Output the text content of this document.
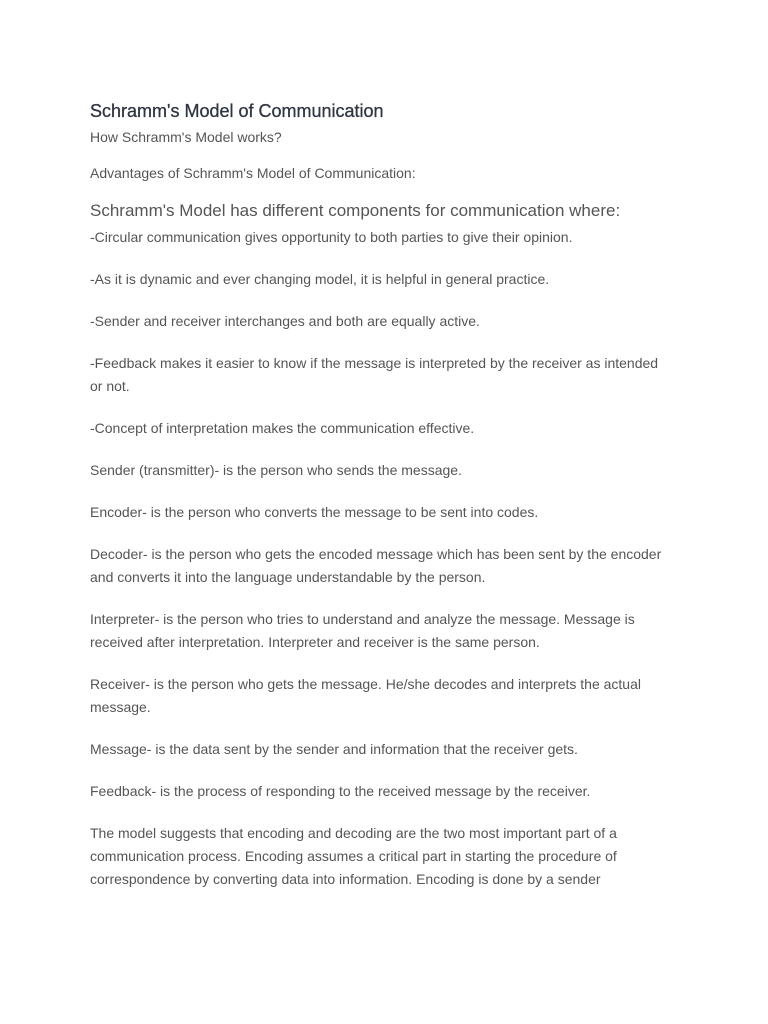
Schramm's Model of Communication
How Schramm's Model works?
Advantages of Schramm's Model of Communication:
Schramm's Model has different components for communication where:

-Circular communication gives opportunity to both parties to give their opinion.

-As it is dynamic and ever changing model, it is helpful in general practice.

-Sender and receiver interchanges and both are equally active.

-Feedback makes it easier to know if the message is interpreted by the receiver as intended or not.

-Concept of interpretation makes the communication effective.

Sender (transmitter)- is the person who sends the message.

Encoder- is the person who converts the message to be sent into codes.

Decoder- is the person who gets the encoded message which has been sent by the encoder and converts it into the language understandable by the person.

Interpreter- is the person who tries to understand and analyze the message. Message is received after interpretation. Interpreter and receiver is the same person.

Receiver- is the person who gets the message. He/she decodes and interprets the actual message.

Message- is the data sent by the sender and information that the receiver gets.

Feedback- is the process of responding to the received message by the receiver.

The model suggests that encoding and decoding are the two most important part of a communication process. Encoding assumes a critical part in starting the procedure of correspondence by converting data into information. Encoding is done by a sender
